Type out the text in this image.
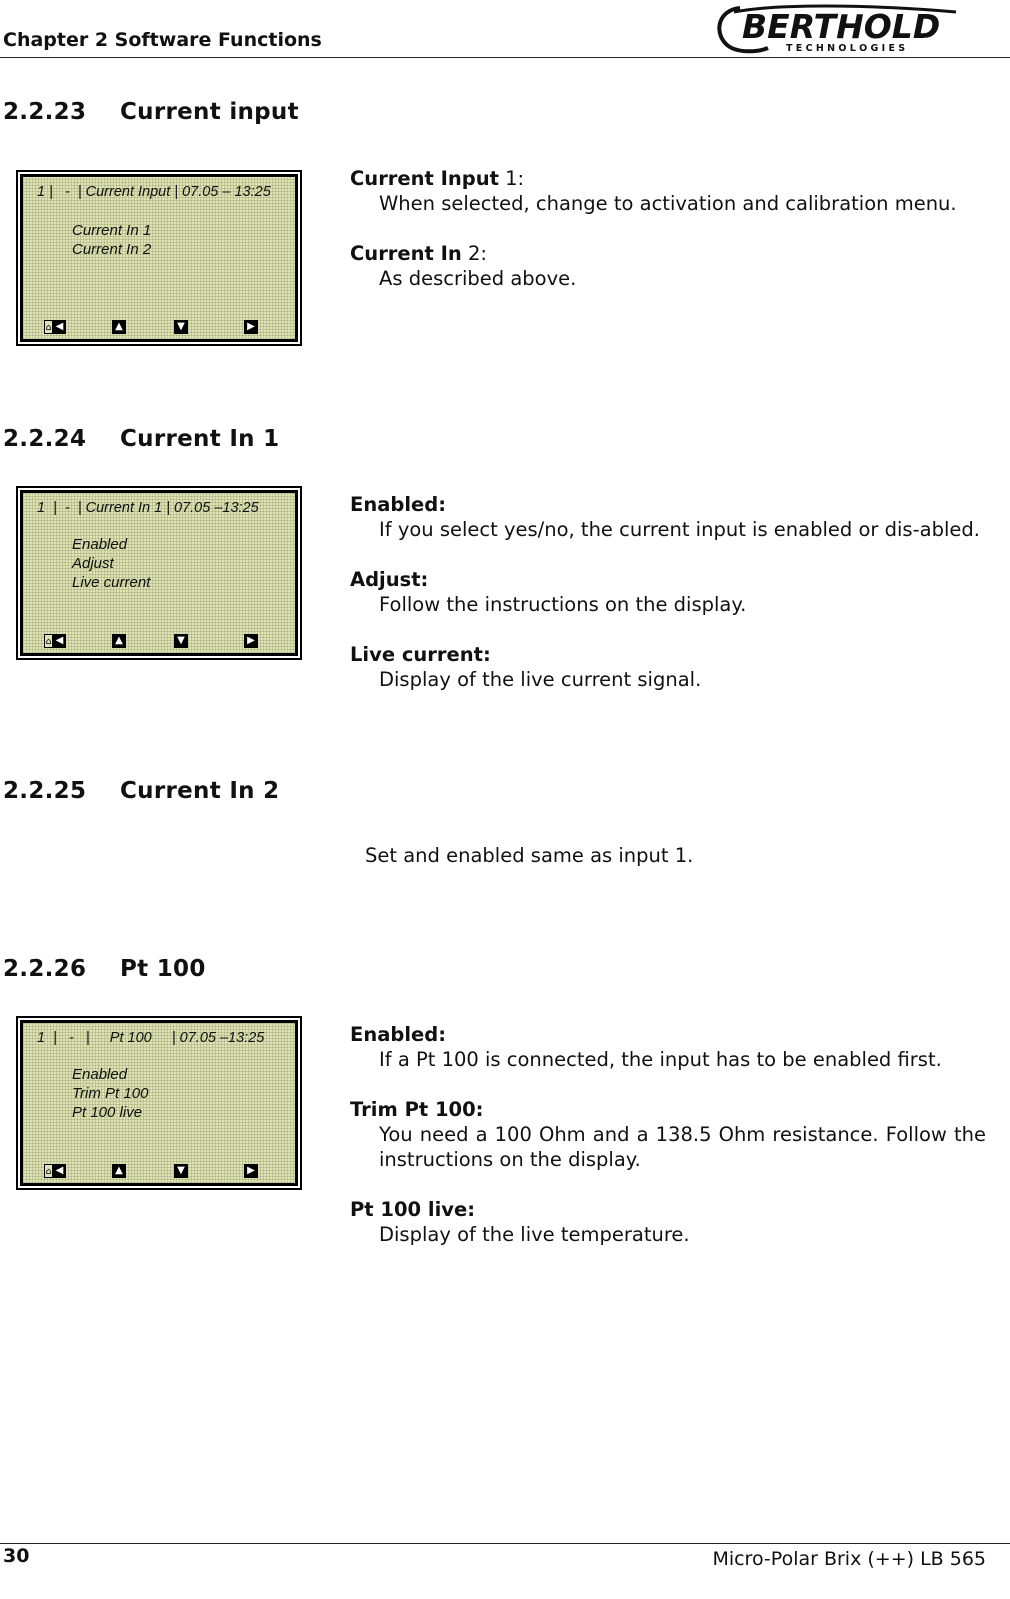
Chapter 2 Software Functions	BERTHOLD
T E C H N O L O G I E S
2.2.23 Current input
1 |   -  | Current Input | 07.05 – 13:25
Current In 1
Current In 2
⌂ ◀	▲	▼	▶
Current Input 1:
When selected, change to activation and calibration menu.
Current In 2:
As described above.
2.2.24 Current In 1
1  |  -  | Current In 1 | 07.05 –13:25
Enabled
Adjust
Live current
⌂ ◀	▲	▼	▶
Enabled:
If you select yes/no, the current input is enabled or dis-abled.
Adjust:
Follow the instructions on the display.
Live current:
Display of the live current signal.
2.2.25 Current In 2
Set and enabled same as input 1.
2.2.26 Pt 100
1  |   -   |     Pt 100     | 07.05 –13:25
Enabled
Trim Pt 100
Pt 100 live
⌂ ◀	▲	▼	▶
Enabled:
If a Pt 100 is connected, the input has to be enabled first.
Trim Pt 100:
You need a 100 Ohm and a 138.5 Ohm resistance. Follow the instructions on the display.
Pt 100 live:
Display of the live temperature.
30	Micro-Polar Brix (++) LB 565
